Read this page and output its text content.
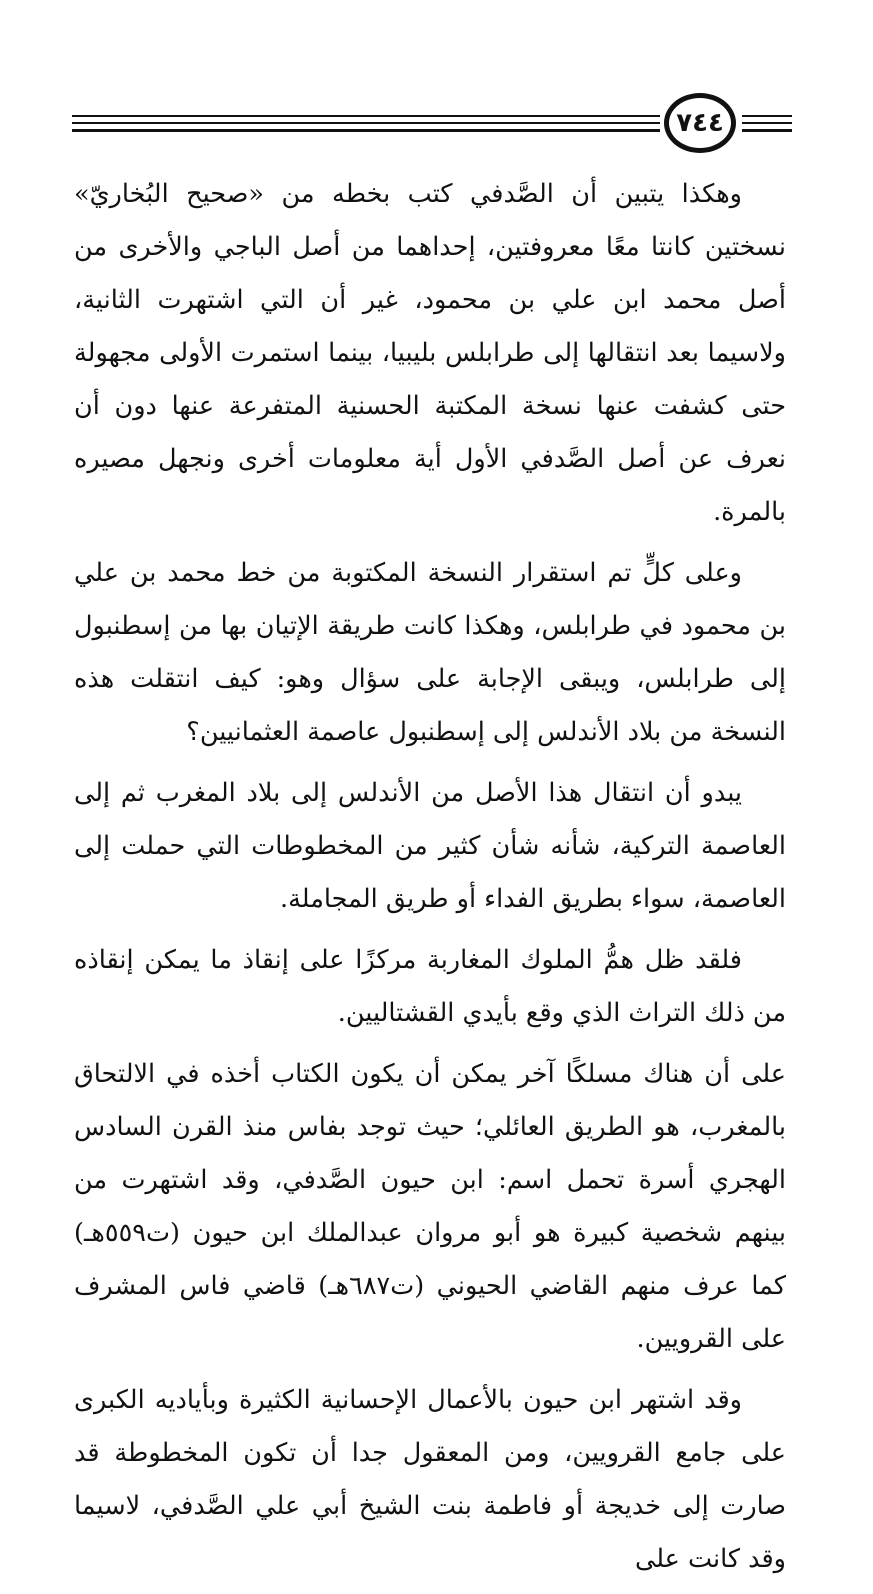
٧٤٤

وهكذا يتبين أن الصَّدفي كتب بخطه من «صحيح البُخاريّ» نسختين كانتا معًا معروفتين، إحداهما من أصل الباجي والأخرى من أصل محمد ابن علي بن محمود، غير أن التي اشتهرت الثانية، ولاسيما بعد انتقالها إلى طرابلس بليبيا، بينما استمرت الأولى مجهولة حتى كشفت عنها نسخة المكتبة الحسنية المتفرعة عنها دون أن نعرف عن أصل الصَّدفي الأول أية معلومات أخرى ونجهل مصيره بالمرة.

وعلى كلٍّ تم استقرار النسخة المكتوبة من خط محمد بن علي بن محمود في طرابلس، وهكذا كانت طريقة الإتيان بها من إسطنبول إلى طرابلس، ويبقى الإجابة على سؤال وهو: كيف انتقلت هذه النسخة من بلاد الأندلس إلى إسطنبول عاصمة العثمانيين؟

يبدو أن انتقال هذا الأصل من الأندلس إلى بلاد المغرب ثم إلى العاصمة التركية، شأنه شأن كثير من المخطوطات التي حملت إلى العاصمة، سواء بطريق الفداء أو طريق المجاملة.

فلقد ظل همُّ الملوك المغاربة مركزًا على إنقاذ ما يمكن إنقاذه من ذلك التراث الذي وقع بأيدي القشتاليين.

على أن هناك مسلكًا آخر يمكن أن يكون الكتاب أخذه في الالتحاق بالمغرب، هو الطريق العائلي؛ حيث توجد بفاس منذ القرن السادس الهجري أسرة تحمل اسم: ابن حيون الصَّدفي، وقد اشتهرت من بينهم شخصية كبيرة هو أبو مروان عبدالملك ابن حيون (ت٥٥٩هـ) كما عرف منهم القاضي الحيوني (ت٦٨٧هـ) قاضي فاس المشرف على القرويين.

وقد اشتهر ابن حيون بالأعمال الإحسانية الكثيرة وبأياديه الكبرى على جامع القرويين، ومن المعقول جدا أن تكون المخطوطة قد صارت إلى خديجة أو فاطمة بنت الشيخ أبي علي الصَّدفي، لاسيما وقد كانت على
